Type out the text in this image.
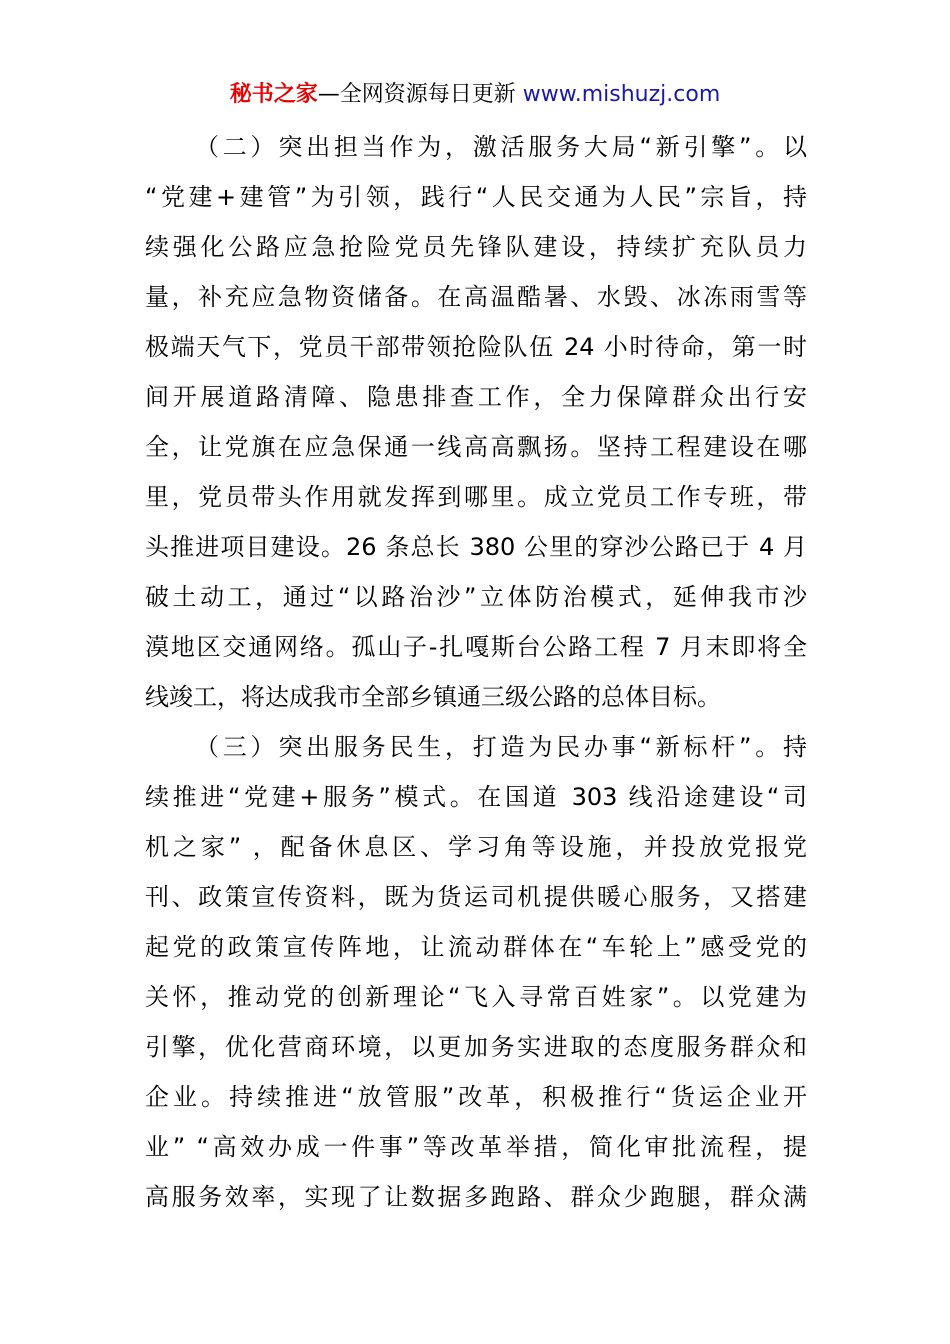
秘书之家—全网资源每日更新 www.mishuzj.com
（二）突出担当作为，激活服务大局“新引擎”。以
“党建+建管”为引领，践行“人民交通为人民”宗旨，持
续强化公路应急抢险党员先锋队建设，持续扩充队员力
量，补充应急物资储备。在高温酷暑、水毁、冰冻雨雪等
极端天气下，党员干部带领抢险队伍 24 小时待命，第一时
间开展道路清障、隐患排查工作，全力保障群众出行安
全，让党旗在应急保通一线高高飘扬。坚持工程建设在哪
里，党员带头作用就发挥到哪里。成立党员工作专班，带
头推进项目建设。26 条总长 380 公里的穿沙公路已于 4 月
破土动工，通过“以路治沙”立体防治模式，延伸我市沙
漠地区交通网络。孤山子-扎嘎斯台公路工程 7 月末即将全
线竣工，将达成我市全部乡镇通三级公路的总体目标。
（三）突出服务民生，打造为民办事“新标杆”。持
续推进“党建+服务”模式。在国道 303 线沿途建设“司
机之家” ，配备休息区、学习角等设施，并投放党报党
刊、政策宣传资料，既为货运司机提供暖心服务，又搭建
起党的政策宣传阵地，让流动群体在“车轮上”感受党的
关怀，推动党的创新理论“飞入寻常百姓家”。以党建为
引擎，优化营商环境，以更加务实进取的态度服务群众和
企业。持续推进“放管服”改革，积极推行“货运企业开
业” “高效办成一件事”等改革举措，简化审批流程，提
高服务效率，实现了让数据多跑路、群众少跑腿，群众满
